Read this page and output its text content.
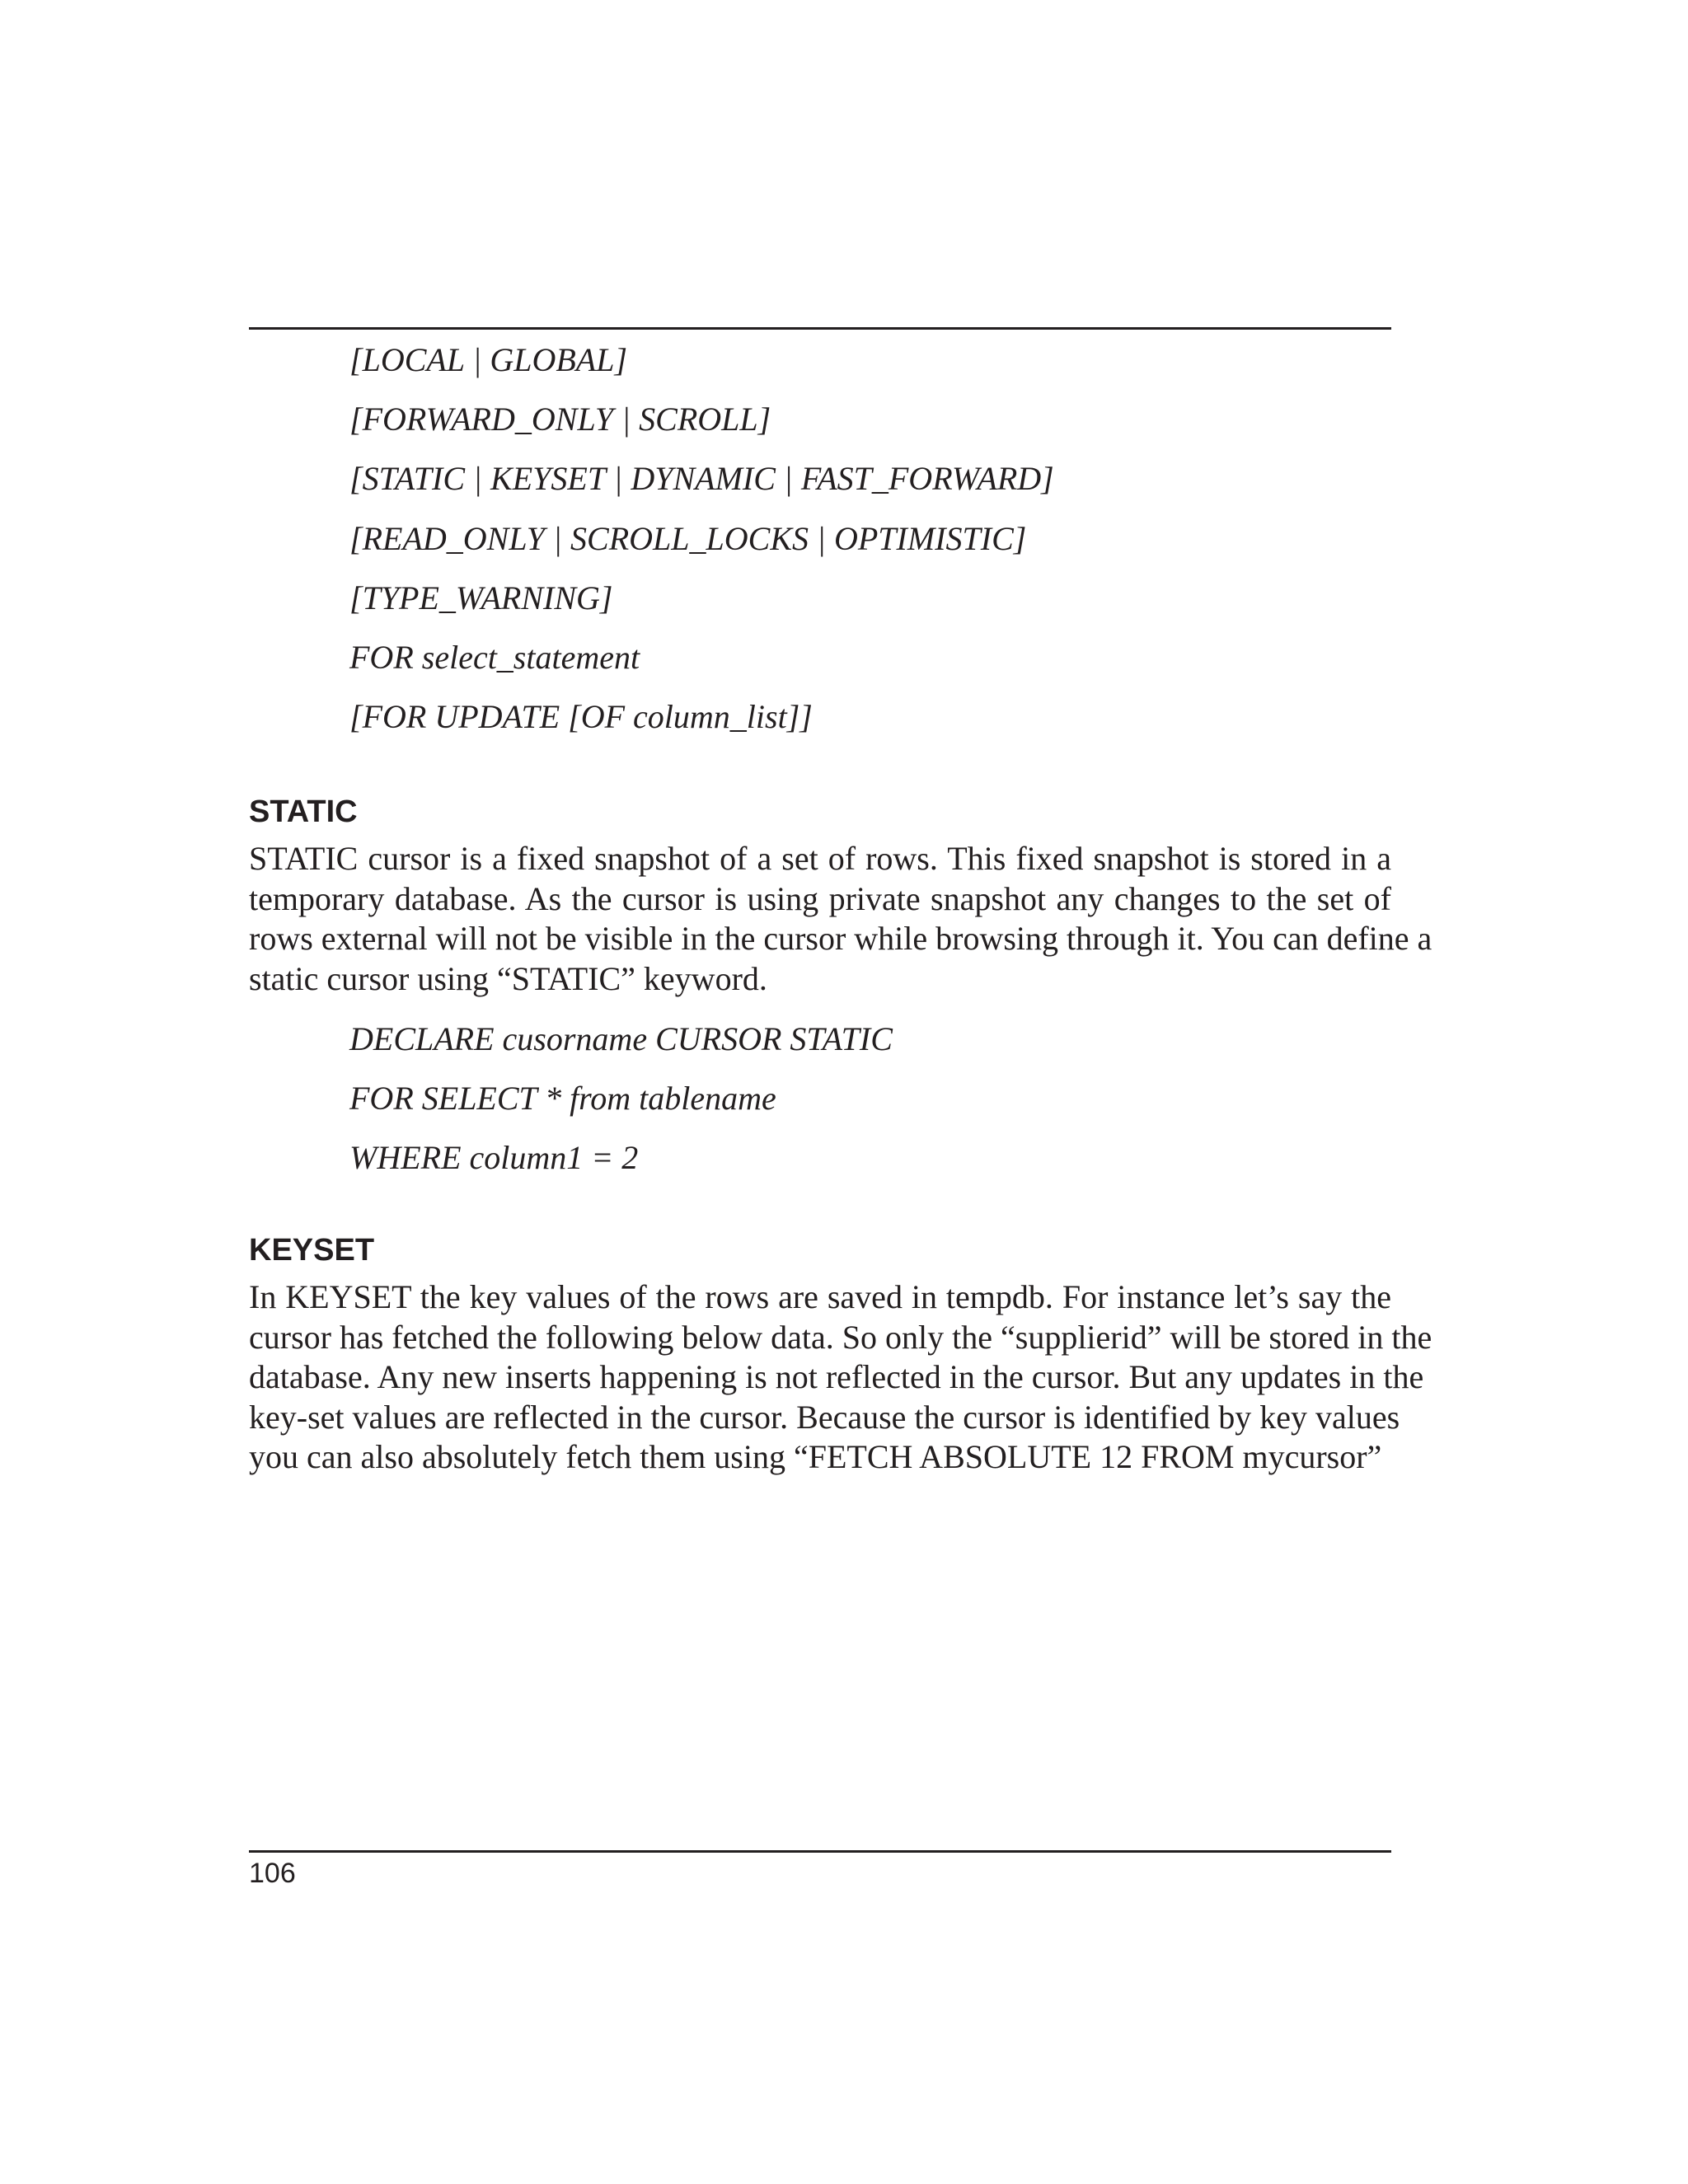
[LOCAL | GLOBAL]
[FORWARD_ONLY | SCROLL]
[STATIC | KEYSET | DYNAMIC | FAST_FORWARD]
[READ_ONLY | SCROLL_LOCKS | OPTIMISTIC]
[TYPE_WARNING]
FOR select_statement
[FOR UPDATE [OF column_list]]
STATIC
STATIC cursor is a fixed snapshot of a set of rows. This fixed snapshot is stored in a
temporary database. As the cursor is using private snapshot any changes to the set of
rows external will not be visible in the cursor while browsing through it. You can define a
static cursor using “STATIC” keyword.
DECLARE cusorname CURSOR STATIC
FOR SELECT * from tablename
WHERE column1 = 2
KEYSET
In KEYSET the key values of the rows are saved in tempdb. For instance let’s say the
cursor has fetched the following below data. So only the “supplierid” will be stored in the
database. Any new inserts happening is not reflected in the cursor. But any updates in the
key-set values are reflected in the cursor. Because the cursor is identified by key values
you can also absolutely fetch them using “FETCH ABSOLUTE 12 FROM mycursor”
106
